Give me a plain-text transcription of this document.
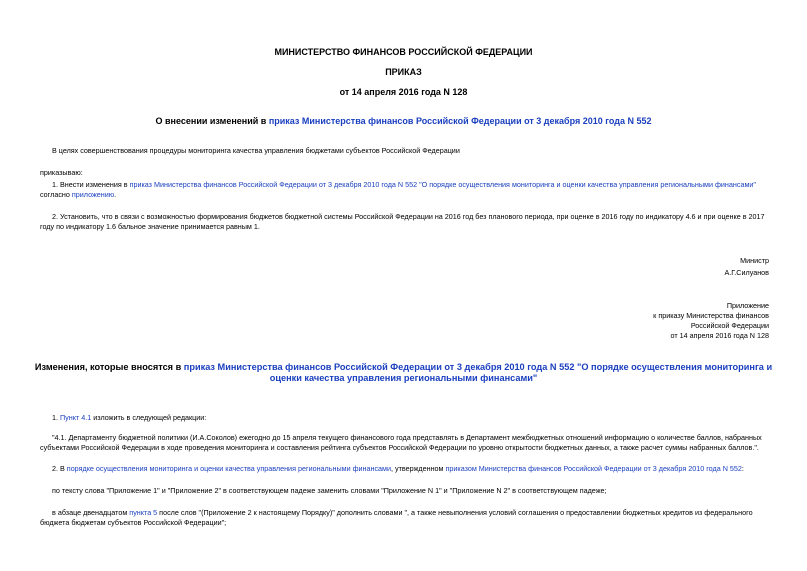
МИНИСТЕРСТВО ФИНАНСОВ РОССИЙСКОЙ ФЕДЕРАЦИИ
ПРИКАЗ
от 14 апреля 2016 года N 128
О внесении изменений в приказ Министерства финансов Российской Федерации от 3 декабря 2010 года N 552

В целях совершенствования процедуры мониторинга качества управления бюджетами субъектов Российской Федерации

приказываю:

1. Внести изменения в приказ Министерства финансов Российской Федерации от 3 декабря 2010 года N 552 "О порядке осуществления мониторинга и оценки качества управления региональными финансами" согласно приложению.

2. Установить, что в связи с возможностью формирования бюджетов бюджетной системы Российской Федерации на 2016 год без планового периода, при оценке в 2016 году по индикатору 4.6 и при оценке в 2017 году по индикатору 1.6 бальное значение принимается равным 1.

Министр
А.Г.Силуанов
Приложение
к приказу Министерства финансов
Российской Федерации
от 14 апреля 2016 года N 128
Изменения, которые вносятся в приказ Министерства финансов Российской Федерации от 3 декабря 2010 года N 552 "О порядке осуществления мониторинга и оценки качества управления региональными финансами"

1. Пункт 4.1 изложить в следующей редакции:

"4.1. Департаменту бюджетной политики (И.А.Соколов) ежегодно до 15 апреля текущего финансового года представлять в Департамент межбюджетных отношений информацию о количестве баллов, набранных субъектами Российской Федерации в ходе проведения мониторинга и составления рейтинга субъектов Российской Федерации по уровню открытости бюджетных данных, а также расчет суммы набранных баллов.".

2. В порядке осуществления мониторинга и оценки качества управления региональными финансами, утвержденном приказом Министерства финансов Российской Федерации от 3 декабря 2010 года N 552:

по тексту слова "Приложение 1" и "Приложение 2" в соответствующем падеже заменить словами "Приложение N 1" и "Приложение N 2" в соответствующем падеже;

в абзаце двенадцатом пункта 5 после слов "(Приложение 2 к настоящему Порядку)" дополнить словами ", а также невыполнения условий соглашения о предоставлении бюджетных кредитов из федерального бюджета бюджетам субъектов Российской Федерации";
